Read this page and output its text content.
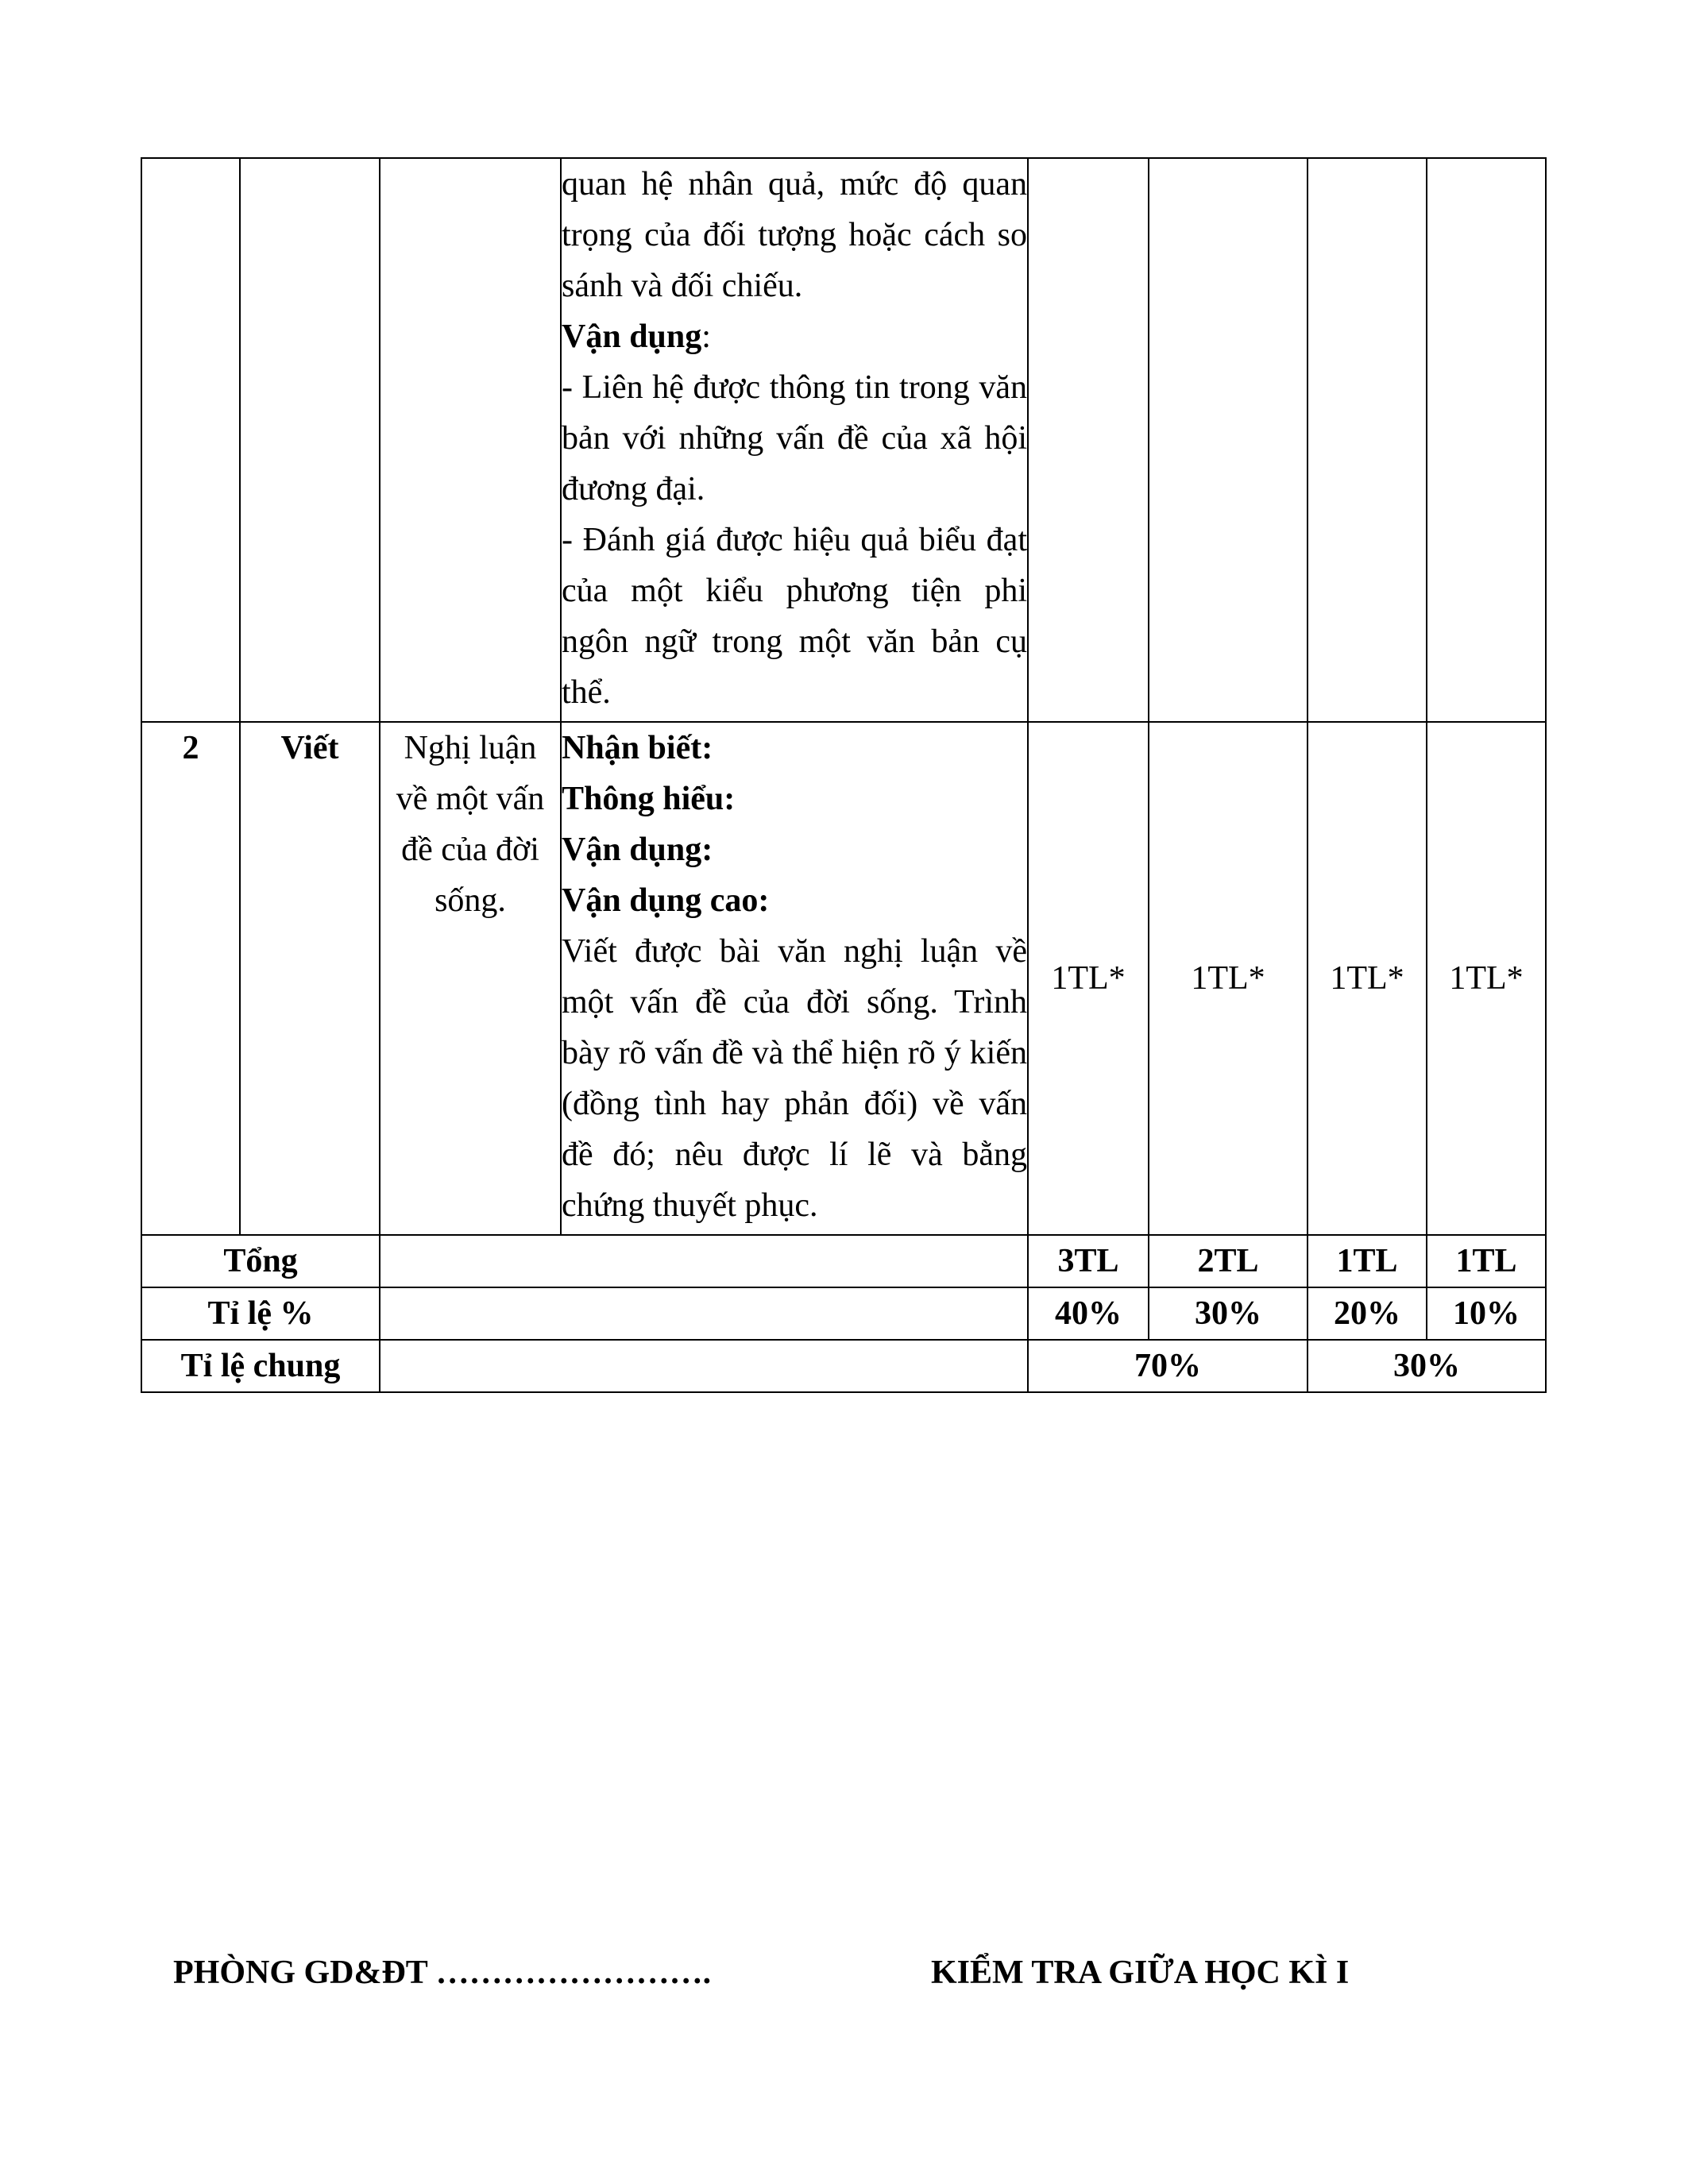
			quan hệ nhân quả, mức độ quan trọng của đối tượng hoặc cách so sánh và đối chiếu.

Vận dụng:

- Liên hệ được thông tin trong văn bản với những vấn đề của xã hội đương đại.

- Đánh giá được hiệu quả biểu đạt của một kiểu phương tiện phi ngôn ngữ trong một văn bản cụ thể.				

2	Viết	Nghị luận về một vấn đề của đời sống.	Nhận biết:

Thông hiểu:

Vận dụng:

Vận dụng cao:

Viết được bài văn nghị luận về một vấn đề của đời sống. Trình bày rõ vấn đề và thể hiện rõ ý kiến (đồng tình hay phản đối) về vấn đề đó; nêu được lí lẽ và bằng chứng thuyết phục.	1TL*	1TL*	1TL*	1TL*
Tổng				3TL	2TL	1TL	1TL
Tỉ lệ %				40%	30%	20%	10%
Tỉ lệ chung				70%		30%	
PHÒNG GD&ĐT …………………….	KIỂM TRA GIỮA HỌC KÌ I
